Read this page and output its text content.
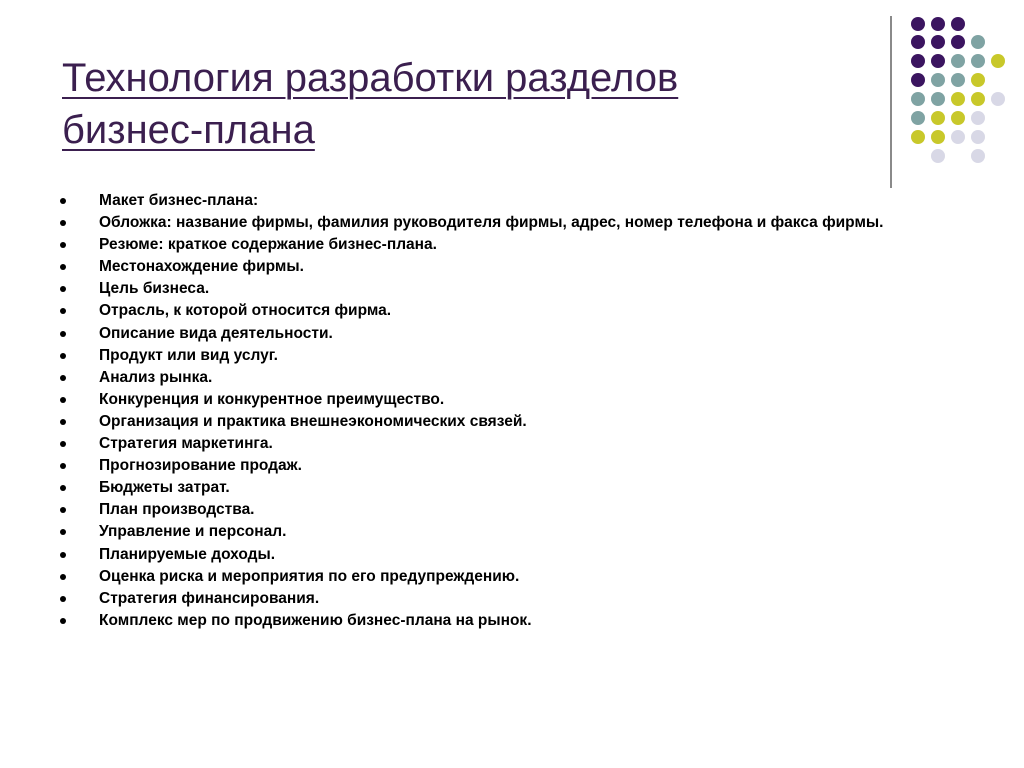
Технология разработки разделов
бизнес-плана
Макет бизнес-плана:
Обложка: название фирмы, фамилия руководителя фирмы, адрес, номер телефона и факса фирмы.
Резюме: краткое содержание бизнес-плана.
Местонахождение фирмы.
Цель бизнеса.
Отрасль, к которой относится фирма.
Описание вида деятельности.
Продукт или вид услуг.
Анализ рынка.
Конкуренция и конкурентное преимущество.
Организация и практика внешнеэкономических связей.
Стратегия маркетинга.
Прогнозирование продаж.
Бюджеты затрат.
План производства.
Управление и персонал.
Планируемые доходы.
Оценка риска и мероприятия по его предупреждению.
Стратегия финансирования.
Комплекс мер по продвижению бизнес-плана на рынок.
